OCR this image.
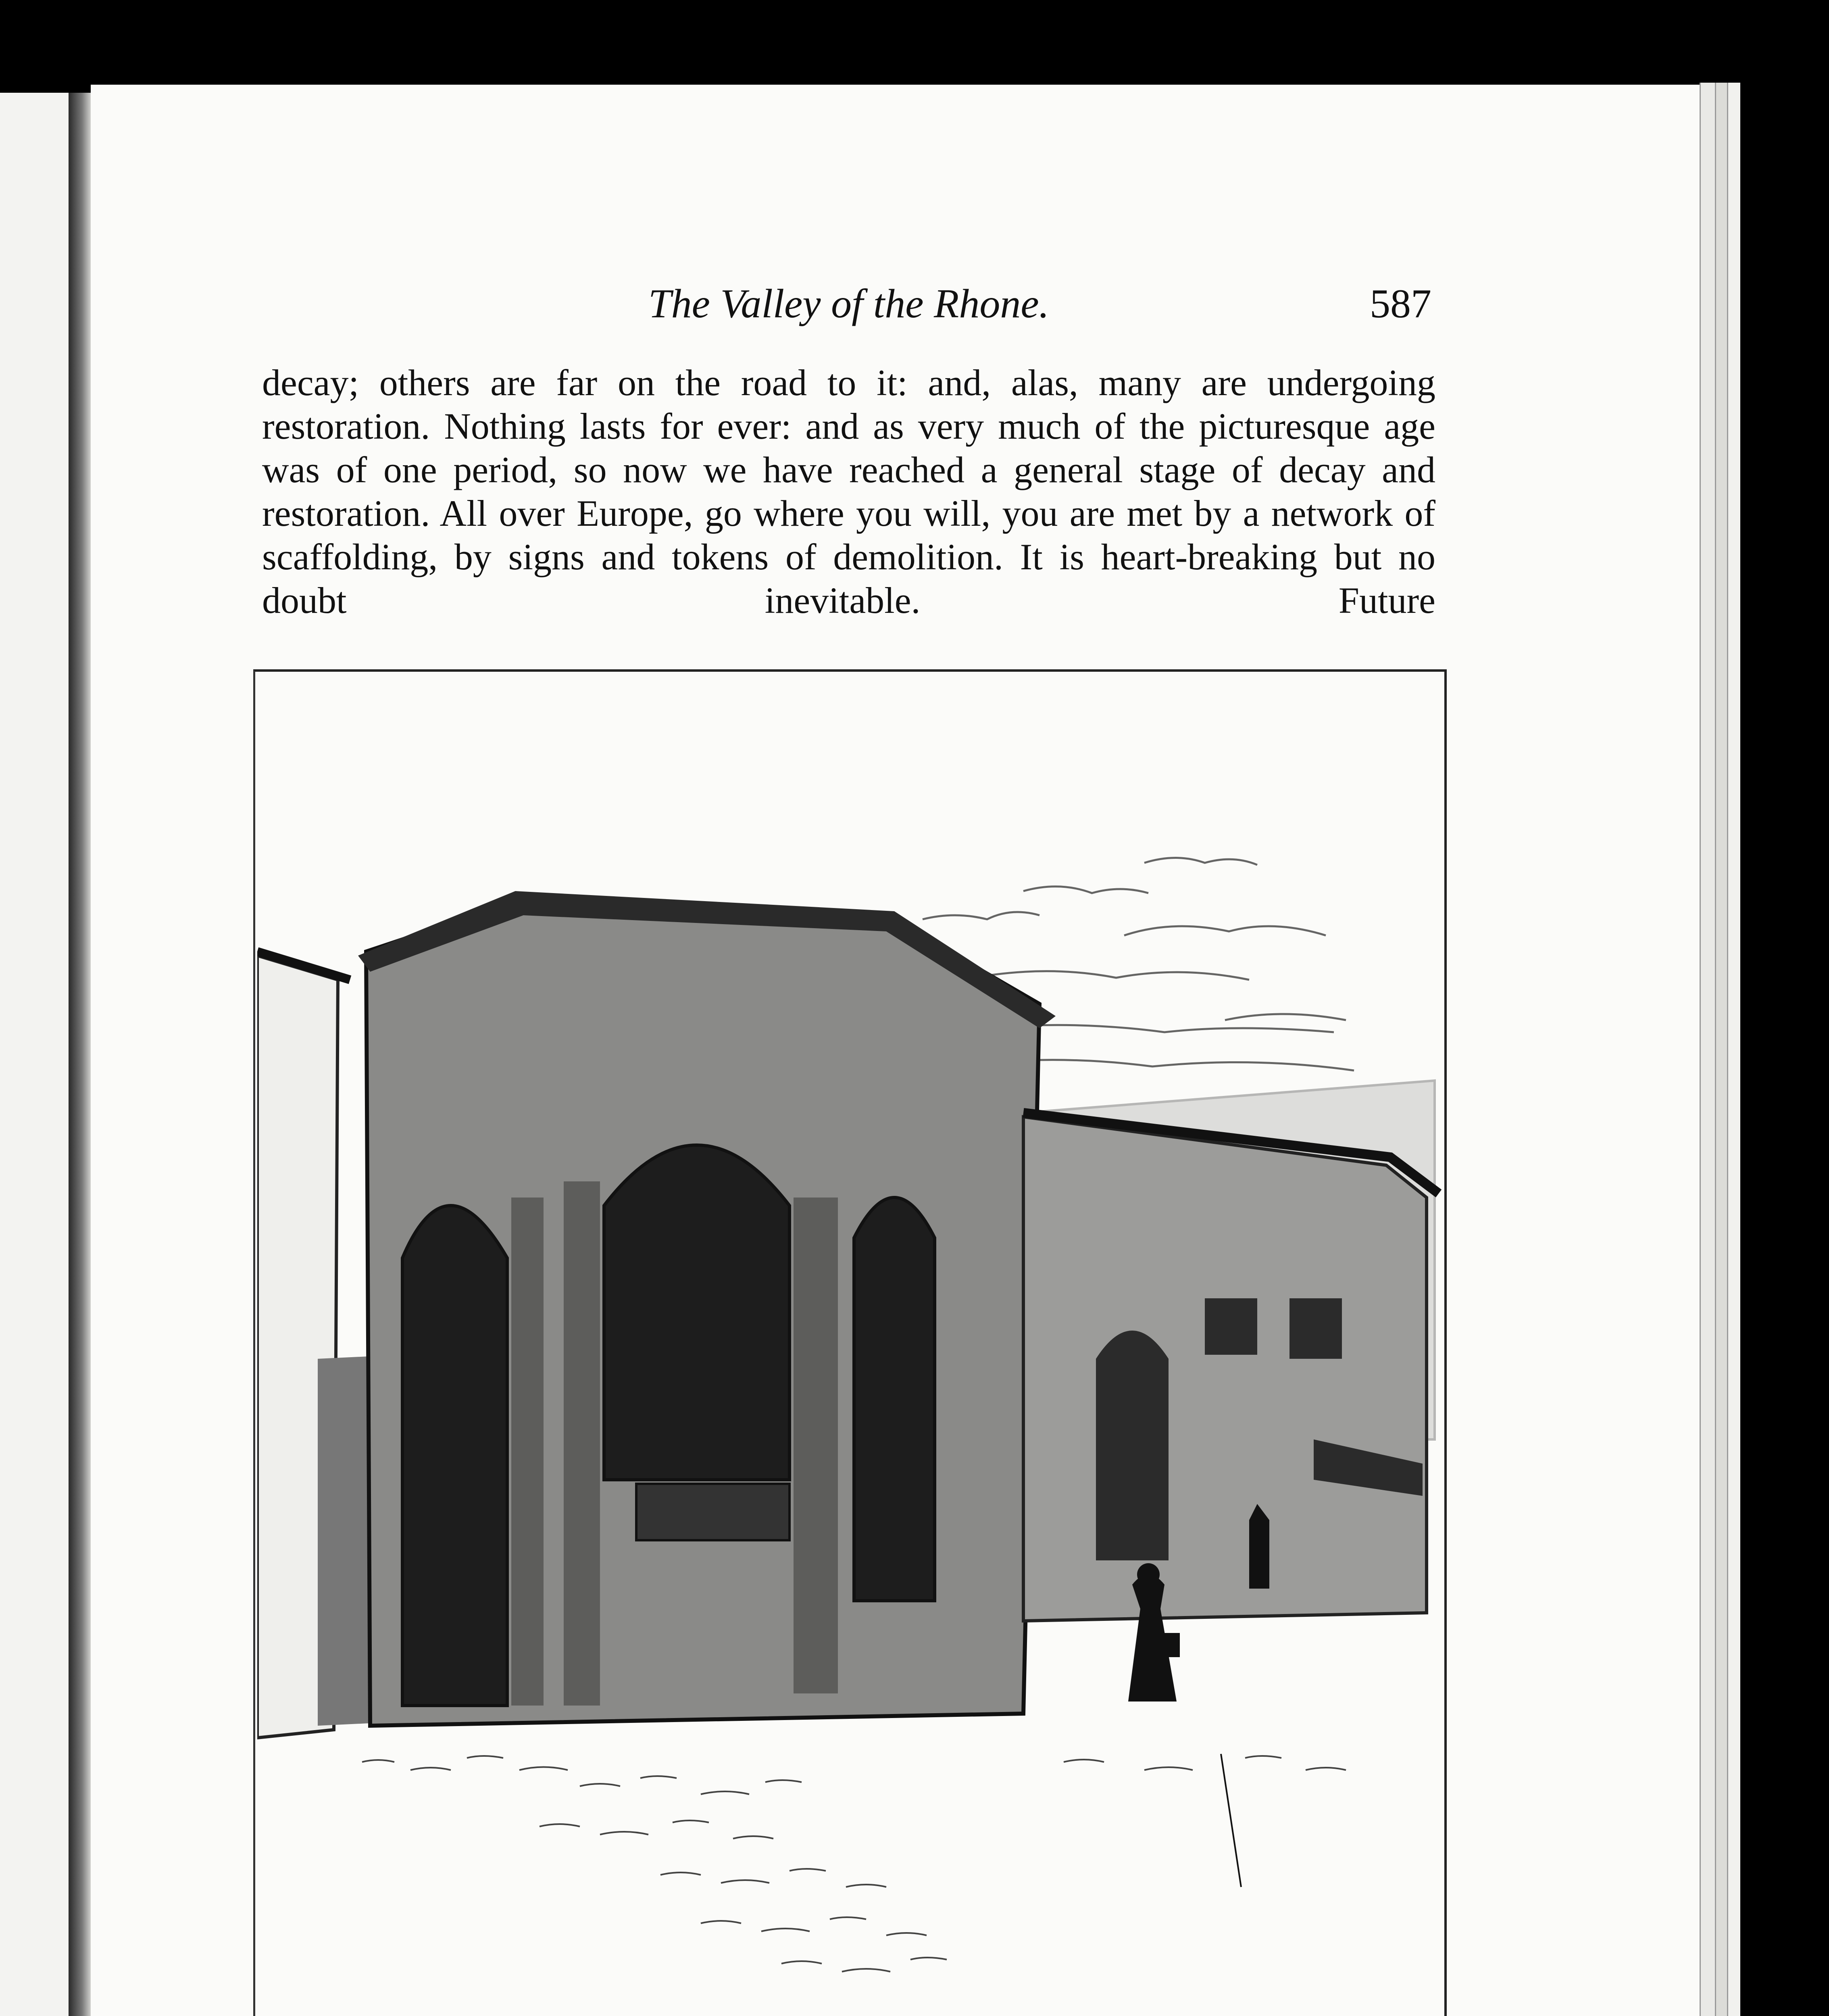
The Valley of the Rhone.	587

decay; others are far on the road to it: and, alas, many are undergoing restoration. Nothing lasts for ever: and as very much of the picturesque age was of one period, so now we have reached a general stage of decay and restoration. All over Europe, go where you will, you are met by a network of scaffolding, by signs and tokens of demolition. It is heart-breaking but no doubt inevitable. Future
